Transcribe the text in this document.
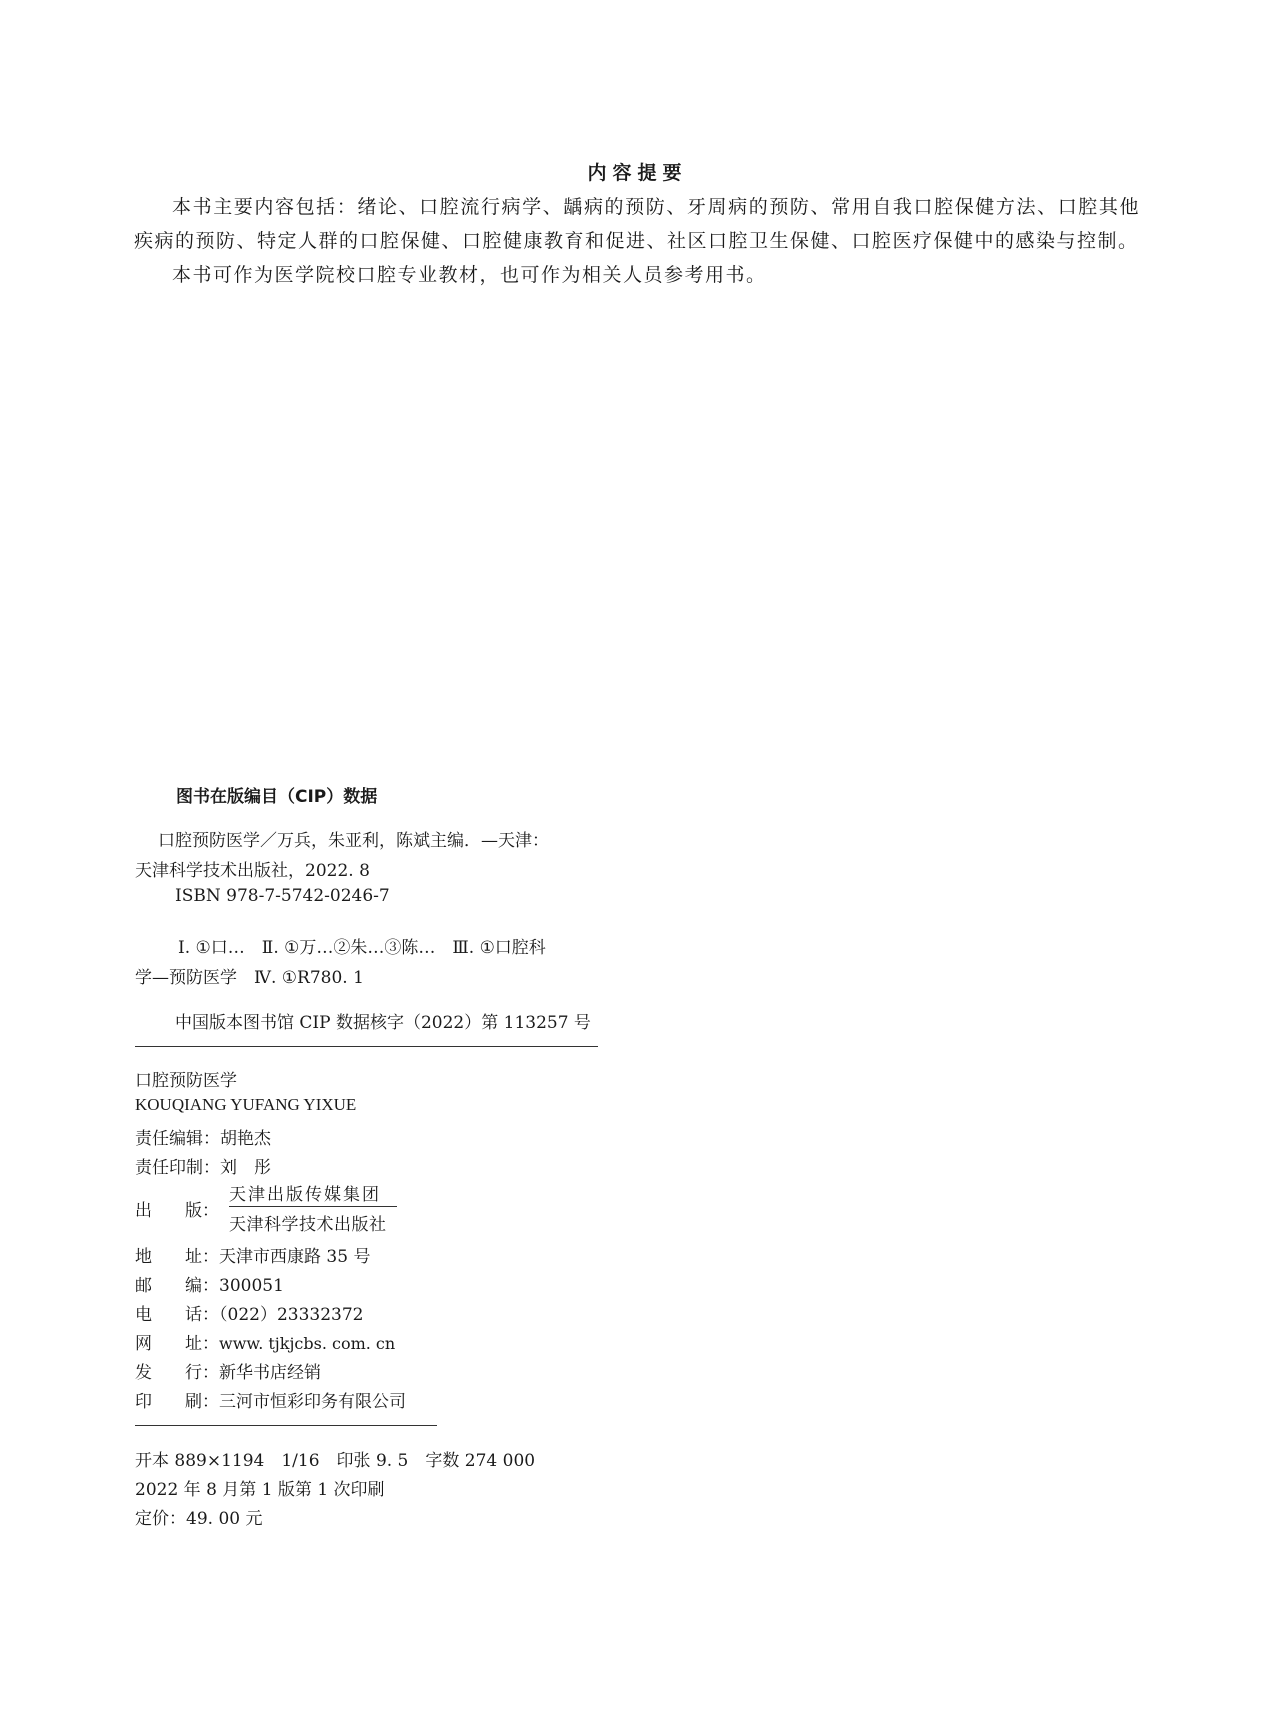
内容提要

本书主要内容包括：绪论、口腔流行病学、龋病的预防、牙周病的预防、常用自我口腔保健方法、口腔其他疾病的预防、特定人群的口腔保健、口腔健康教育和促进、社区口腔卫生保健、口腔医疗保健中的感染与控制。

本书可作为医学院校口腔专业教材，也可作为相关人员参考用书。

图书在版编目（CIP）数据
口腔预防医学／万兵，朱亚利，陈斌主编．—天津：
天津科学技术出版社，2022. 8
ISBN 978-7-5742-0246-7
Ⅰ. ①口…　Ⅱ. ①万…②朱…③陈…　Ⅲ. ①口腔科
学—预防医学　Ⅳ. ①R780. 1
中国版本图书馆 CIP 数据核字（2022）第 113257 号
口腔预防医学
KOUQIANG YUFANG YIXUE
责任编辑：胡艳杰
责任印制：刘　彤
出 版：
天津出版传媒集团
天津科学技术出版社
地 址：天津市西康路 35 号
邮 编：300051
电 话：（022）23332372
网 址：www. tjkjcbs. com. cn
发 行：新华书店经销
印 刷：三河市恒彩印务有限公司
开本 889×1194　1/16　印张 9. 5　字数 274 000
2022 年 8 月第 1 版第 1 次印刷
定价：49. 00 元
